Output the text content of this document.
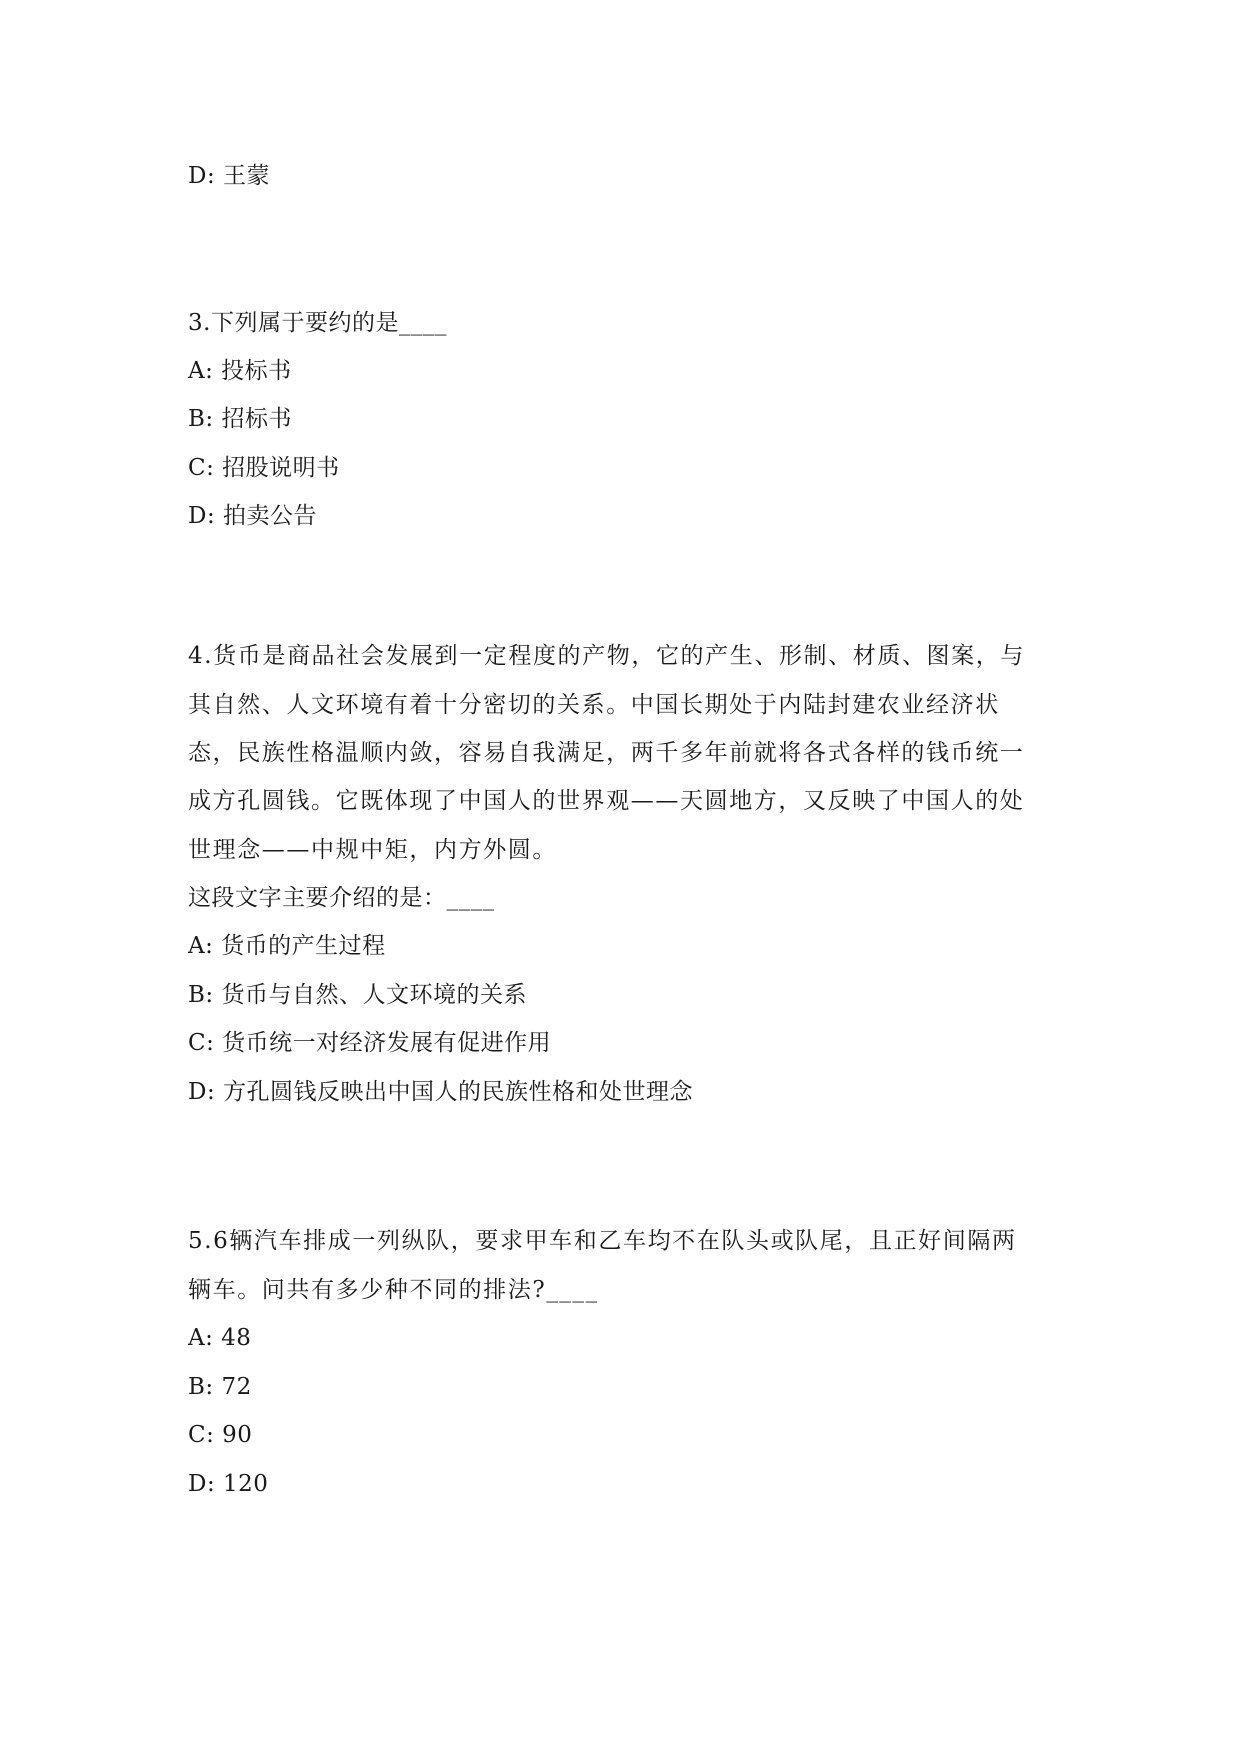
D: 王蒙
3.下列属于要约的是____
A: 投标书
B: 招标书
C: 招股说明书
D: 拍卖公告
4.货币是商品社会发展到一定程度的产物，它的产生、形制、材质、图案，与
其自然、人文环境有着十分密切的关系。中国长期处于内陆封建农业经济状
态，民族性格温顺内敛，容易自我满足，两千多年前就将各式各样的钱币统一
成方孔圆钱。它既体现了中国人的世界观——天圆地方，又反映了中国人的处
世理念——中规中矩，内方外圆。
这段文字主要介绍的是：____
A: 货币的产生过程
B: 货币与自然、人文环境的关系
C: 货币统一对经济发展有促进作用
D: 方孔圆钱反映出中国人的民族性格和处世理念
5.6辆汽车排成一列纵队，要求甲车和乙车均不在队头或队尾，且正好间隔两
辆车。问共有多少种不同的排法?____
A: 48
B: 72
C: 90
D: 120
